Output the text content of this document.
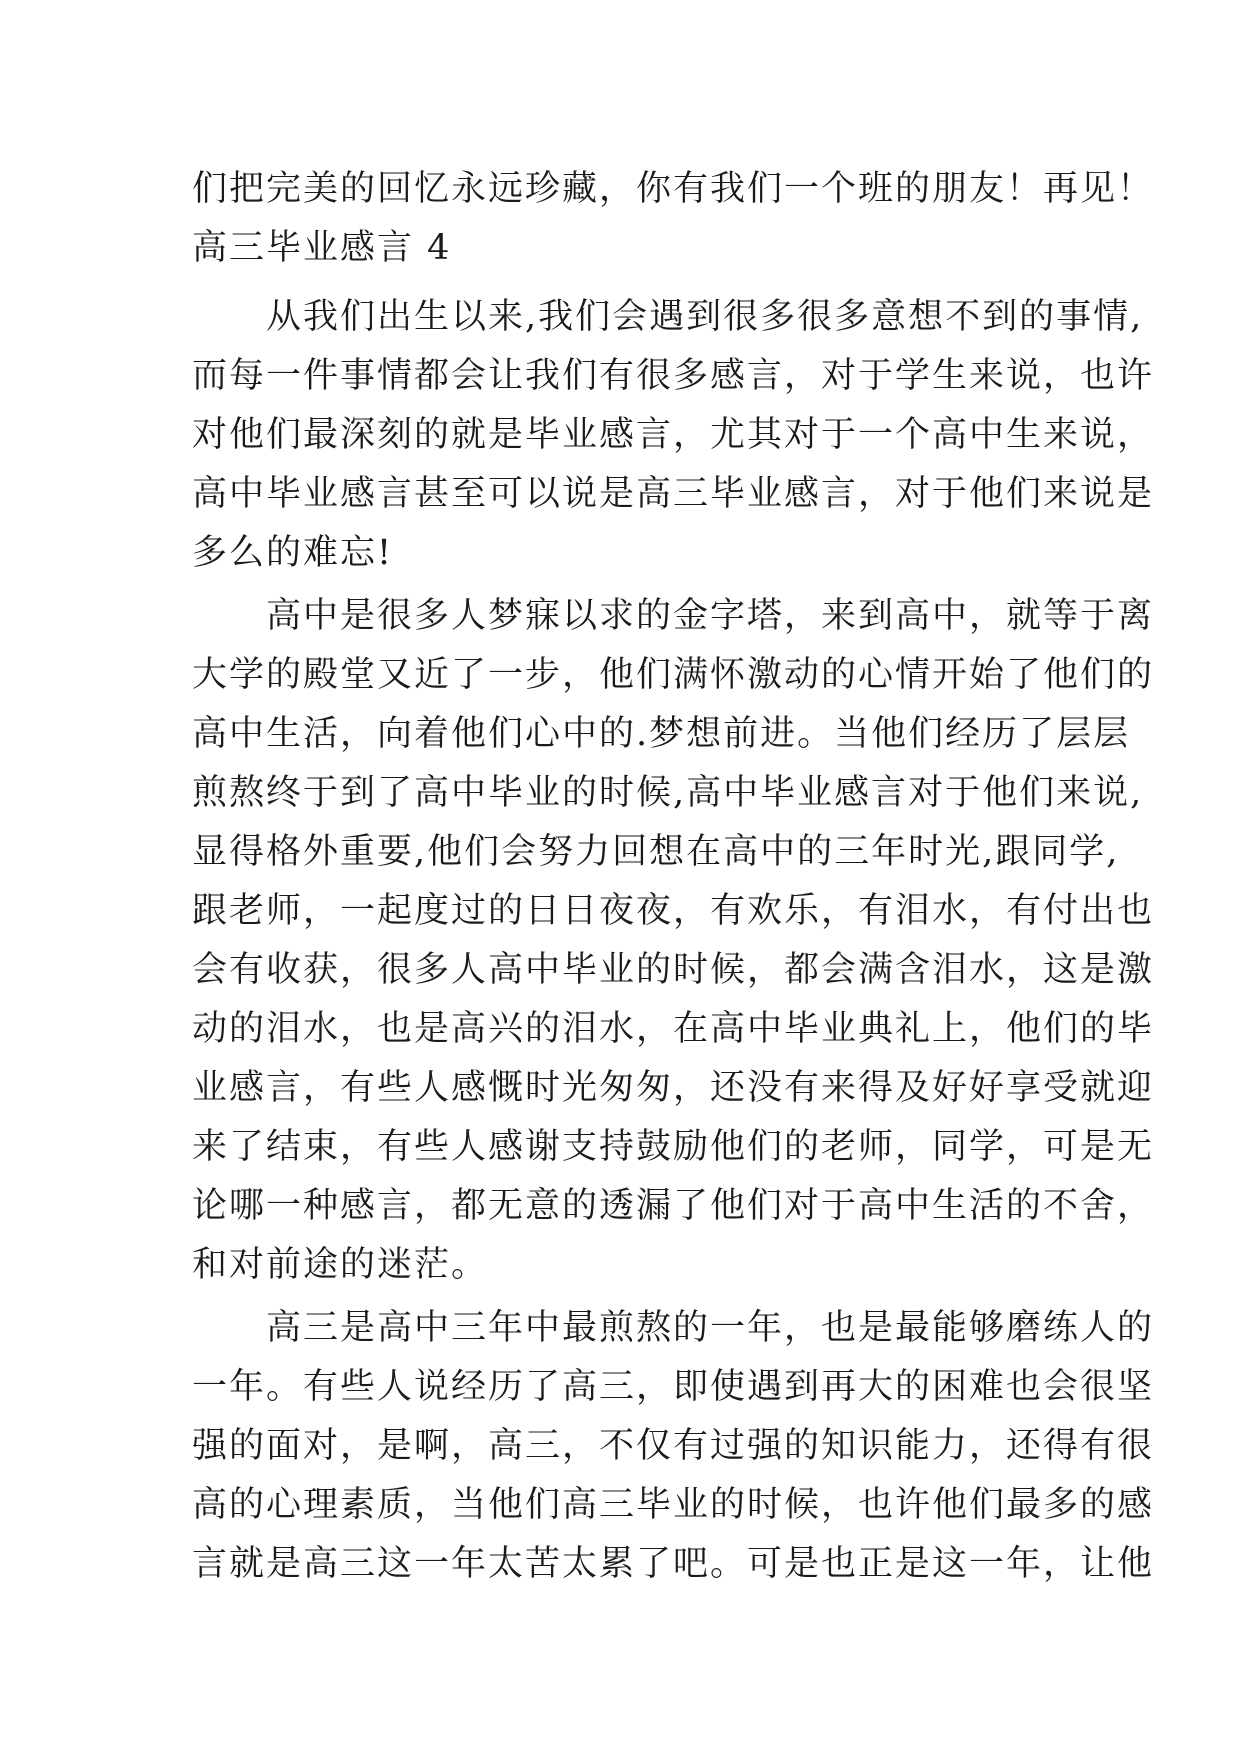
们把完美的回忆永远珍藏，你有我们一个班的朋友！再见！
高三毕业感言 4
　　从我们出生以来,我们会遇到很多很多意想不到的事情,
而每一件事情都会让我们有很多感言，对于学生来说，也许
对他们最深刻的就是毕业感言，尤其对于一个高中生来说，
高中毕业感言甚至可以说是高三毕业感言，对于他们来说是
多么的难忘!
　　高中是很多人梦寐以求的金字塔，来到高中，就等于离
大学的殿堂又近了一步，他们满怀激动的心情开始了他们的
高中生活，向着他们心中的.梦想前进。当他们经历了层层
煎熬终于到了高中毕业的时候,高中毕业感言对于他们来说,
显得格外重要,他们会努力回想在高中的三年时光,跟同学,
跟老师，一起度过的日日夜夜，有欢乐，有泪水，有付出也
会有收获，很多人高中毕业的时候，都会满含泪水，这是激
动的泪水，也是高兴的泪水，在高中毕业典礼上，他们的毕
业感言，有些人感慨时光匆匆，还没有来得及好好享受就迎
来了结束，有些人感谢支持鼓励他们的老师，同学，可是无
论哪一种感言，都无意的透漏了他们对于高中生活的不舍，
和对前途的迷茫。
　　高三是高中三年中最煎熬的一年，也是最能够磨练人的
一年。有些人说经历了高三，即使遇到再大的困难也会很坚
强的面对，是啊，高三，不仅有过强的知识能力，还得有很
高的心理素质，当他们高三毕业的时候，也许他们最多的感
言就是高三这一年太苦太累了吧。可是也正是这一年，让他
